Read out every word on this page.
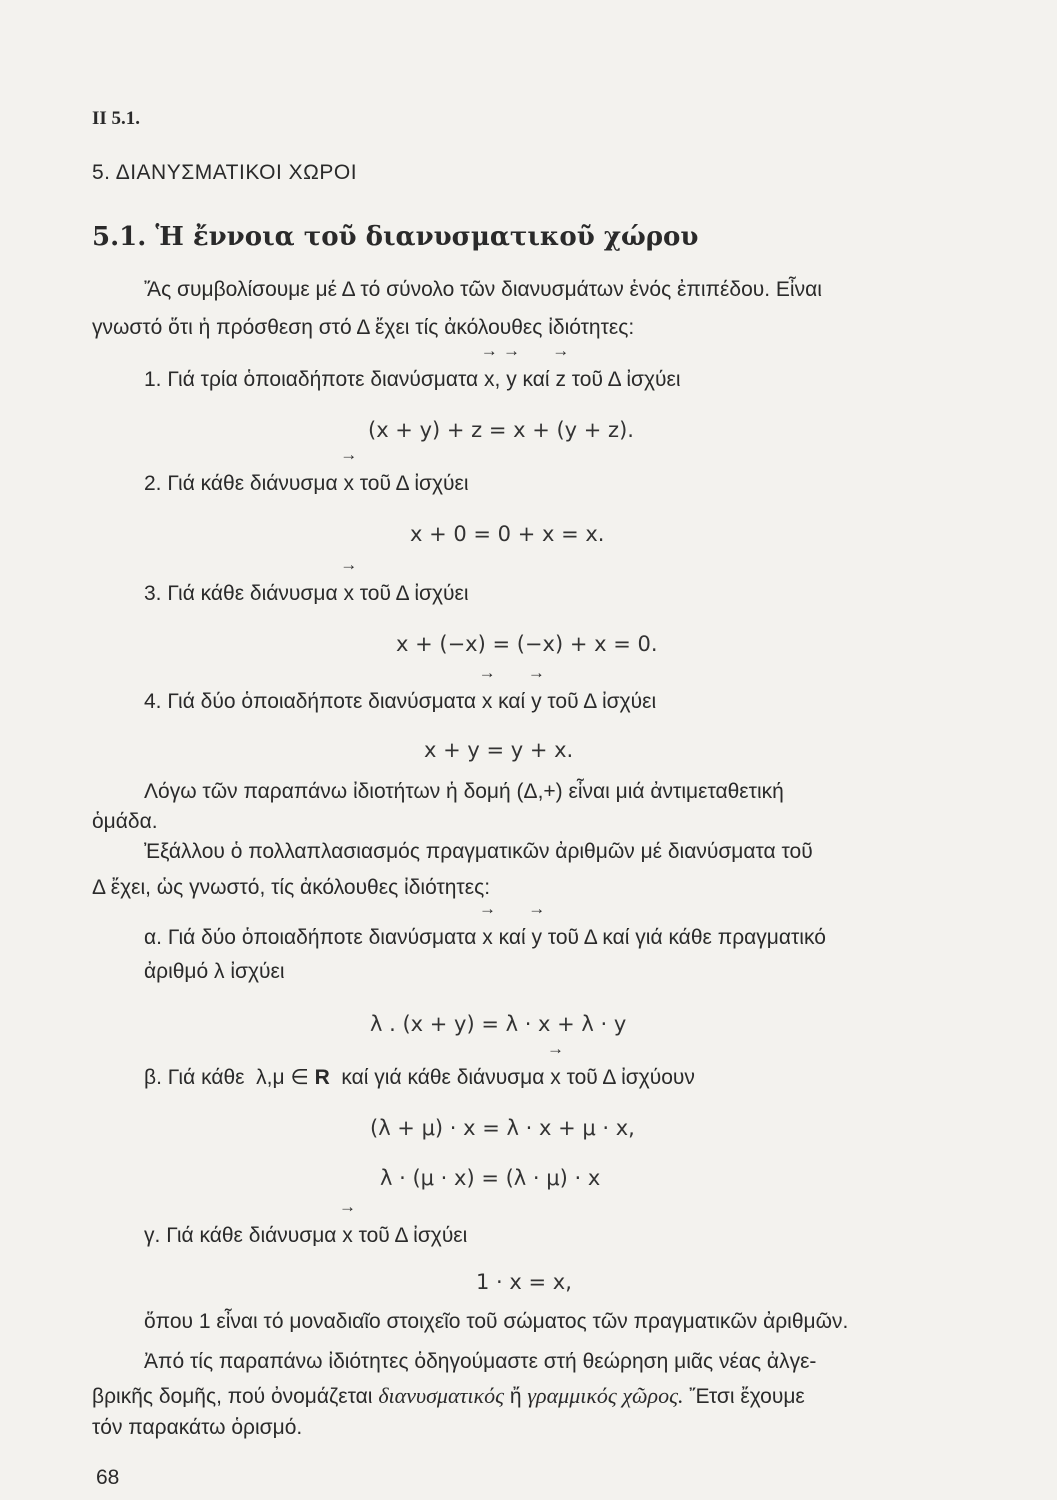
II 5.1.
5. ΔΙΑΝΥΣΜΑΤΙΚΟΙ ΧΩΡΟΙ
5.1. Ἡ ἔννοια τοῦ διανυσματικοῦ χώρου
Ἄς συμβολίσουμε μέ Δ τό σύνολο τῶν διανυσμάτων ἑνός ἐπιπέδου. Εἶναι
γνωστό ὅτι ἡ πρόσθεση στό Δ ἔχει τίς ἀκόλουθες ἰδιότητες:
1. Γιά τρία ὁποιαδήποτε διανύσματα → x, → y καί → z τοῦ Δ ἰσχύει
(x + y) + z = x + (y + z).
2. Γιά κάθε διάνυσμα → x τοῦ Δ ἰσχύει
x + 0 = 0 + x = x.
3. Γιά κάθε διάνυσμα → x τοῦ Δ ἰσχύει
x + (−x) = (−x) + x = 0.
4. Γιά δύο ὁποιαδήποτε διανύσματα → x καί → y τοῦ Δ ἰσχύει
x + y = y + x.
Λόγω τῶν παραπάνω ἰδιοτήτων ἡ δομή (Δ,+) εἶναι μιά ἀντιμεταθετική
ὁμάδα.
Ἐξάλλου ὁ πολλαπλασιασμός πραγματικῶν ἀριθμῶν μέ διανύσματα τοῦ
Δ ἔχει, ὡς γνωστό, τίς ἀκόλουθες ἰδιότητες:
α. Γιά δύο ὁποιαδήποτε διανύσματα → x καί → y τοῦ Δ καί γιά κάθε πραγματικό
ἀριθμό λ ἰσχύει
λ . (x + y) = λ · x + λ · y
β. Γιά κάθε λ,μ ∈ R καί γιά κάθε διάνυσμα → x τοῦ Δ ἰσχύουν
(λ + μ) · x = λ · x + μ · x,
λ · (μ · x) = (λ · μ) · x
γ. Γιά κάθε διάνυσμα → x τοῦ Δ ἰσχύει
1 · x = x,
ὅπου 1 εἶναι τό μοναδιαῖο στοιχεῖο τοῦ σώματος τῶν πραγματικῶν ἀριθμῶν.
Ἀπό τίς παραπάνω ἰδιότητες ὁδηγούμαστε στή θεώρηση μιᾶς νέας ἀλγε-
βρικῆς δομῆς, πού ὀνομάζεται διανυσματικός ἤ γραμμικός χῶρος. Ἔτσι ἔχουμε
τόν παρακάτω ὁρισμό.
68
